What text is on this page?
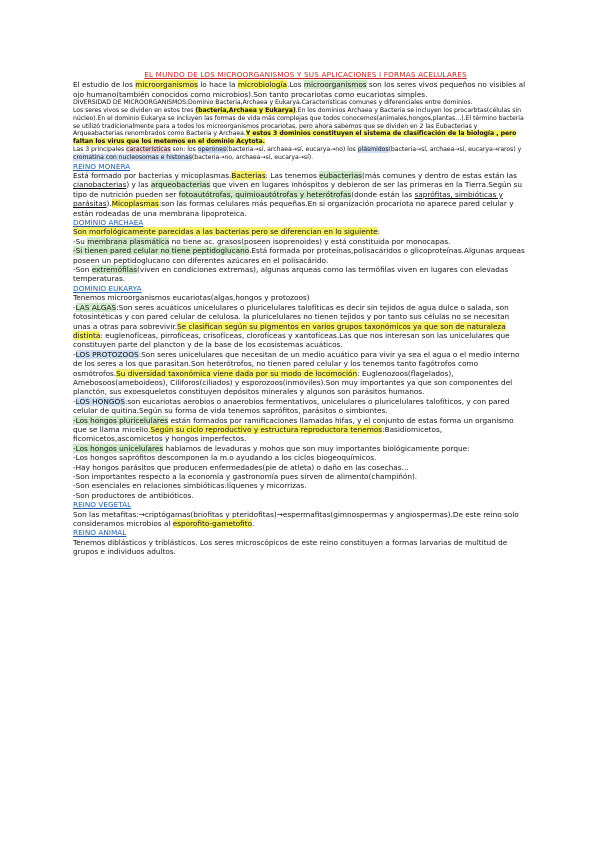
EL MUNDO DE LOS MICROORGANISMOS Y SUS APLICACIONES I FORMAS ACELULARES

El estudio de los microorganismos lo hace la microbiología.Los microorganismos son los seres vivos pequeños no visibles al ojo humano(también conocidos como microbios).Son tanto procariotas como eucariotas simples.

DIVERSIDAD DE MICROORGANISMOS:Dominio Bacteria,Archaea y Eukarya.Características comunes y diferenciales entre dominios.

Los seres vivos se dividen en estos tres (bacteria,Archaea y Eukarya).En los dominios Archaea y Bacteria se incluyen los procarbtas(células sin núcleo).En el dominio Eukarya se incluyen las formas de vida más complejas que todos conocemos(animales,hongos,plantas…).El término bacteria se utilizó tradicionalmente para a todos los microorganismos procariotas, pero ahora sabemos que se dividen en 2 las Eubacterias y Arqueabacterias renombrados como Bacteria y Archaea.Y estos 3 dominios constituyen el sistema de clasificación de la biología , pero faltan los virus que los metemos en el dominio Acytota.

Las 3 principales características son: los operones(bacteria→sí, archaea→sí, eucarya→no) los plásmidos(bacteria→sí, archaea→sí, eucarya→raros) y cromatina con nucleosomas e histonas(bacteria→no, archaea→sí, eucarya→sí).

REINO MONERA

Está formado por bacterias y micoplasmas.Bacterias: Las tenemos eubacterias(más comunes y dentro de estas están las cianobacterias) y las arqueobacterias que viven en lugares inhóspitos y debieron de ser las primeras en la Tierra.Según su tipo de nutrición pueden ser fotoautótrofas, quimioautótrofas y heterótrofas(donde están las saprófitas, simbióticas y parásitas).Micoplasmas:son las formas celulares más pequeñas.En si organización procariota no aparece pared celular y están rodeadas de una membrana lipoproteica.

DOMINIO ARCHAEA

Son morfológicamente parecidas a las bacterias pero se diferencian en lo siguiente:

-Su membrana plasmática no tiene ac. grasos(poseen isoprenoides) y está constituida por monocapas.

-Si tienen pared celular no tiene peptidoglucano.Está formada por proteínas,polisacáridos o glicoproteínas.Algunas arqueas poseen un peptidoglucano con diferentes azúcares en el polisacárido.

-Son extremófilas(viven en condiciones extremas), algunas arqueas como las termófilas viven en lugares con elevadas temperaturas.

DOMINIO EUKARYA

Tenemos microorganismos eucariotas(algas,hongos y protozoos)

-LAS ALGAS:Son seres acuáticos unicelulares o pluricelulares talofíticas es decir sin tejidos de agua dulce o salada, son fotosintéticas y con pared celular de celulosa. la pluricelulares no tienen tejidos y por tanto sus células no se necesitan unas a otras para sobrevivir.Se clasifican según su pigmentos en varios grupos taxonómicos ya que son de naturaleza distinta: euglenofíceas, pirrofíceas, crisofíceas, clorofíceas y xantofíceas.Las que nos interesan son las unicelulares que constituyen parte del plancton y de la base de los ecosistemas acuáticos.

-LOS PROTOZOOS:Son seres unicelulares que necesitan de un medio acuático para vivir ya sea el agua o el medio interno de los seres a los que parasitan.Son heterótrofos, no tienen pared celular y los tenemos tanto fagótrofos como osmótrofos.Su diversidad taxonómica viene dada por su modo de locomoción: Euglenozoos(flagelados), Amebosoos(ameboideos), Ciliforos(ciliados) y esporozoos(inmóviles).Son muy importantes ya que son componentes del planctón, sus exoesqueletos constituyen depósitos minerales y algunos son parásitos humanos.

-LOS HONGOS:son eucariotas aerobios o anaerobios fermentativos, unicelulares o pluricelulares talofíticos, y con pared celular de quitina.Según su forma de vida tenemos saprófitos, parásitos o simbiontes.

-Los hongos pluricelulares están formados por ramificaciones llamadas hifas, y el conjunto de estas forma un organismo que se llama micelio.Según su ciclo reproductivo y estructura reproductora tenemos:Basidiomicetos, ficomicetos,ascomicetos y hongos imperfectos.

-Los hongos unicelulares hablamos de levaduras y mohos que son muy importantes biológicamente porque:

-Los hongos saprófitos descomponen la m.o ayudando a los ciclos biogeoquímicos.

-Hay hongos parásitos que producen enfermedades(pie de atleta) o daño en las cosechas…

-Son importantes respecto a la economía y gastronomía pues sirven de alimento(champiñón).

-Son esenciales en relaciones simbióticas:líquenes y micorrizas.

-Son productores de antibióticos.

REINO VEGETAL

Son las metafitas:→criptógamas(briofitas y pteridofitas)→espermafitas(gimnospermas y angiospermas).De este reino solo consideramos microbios al esporofito-gametofito.

REINO ANIMAL

Tenemos diblásticos y triblásticos. Los seres microscópicos de este reino constituyen a formas larvarias de multitud de grupos e individuos adultos.
